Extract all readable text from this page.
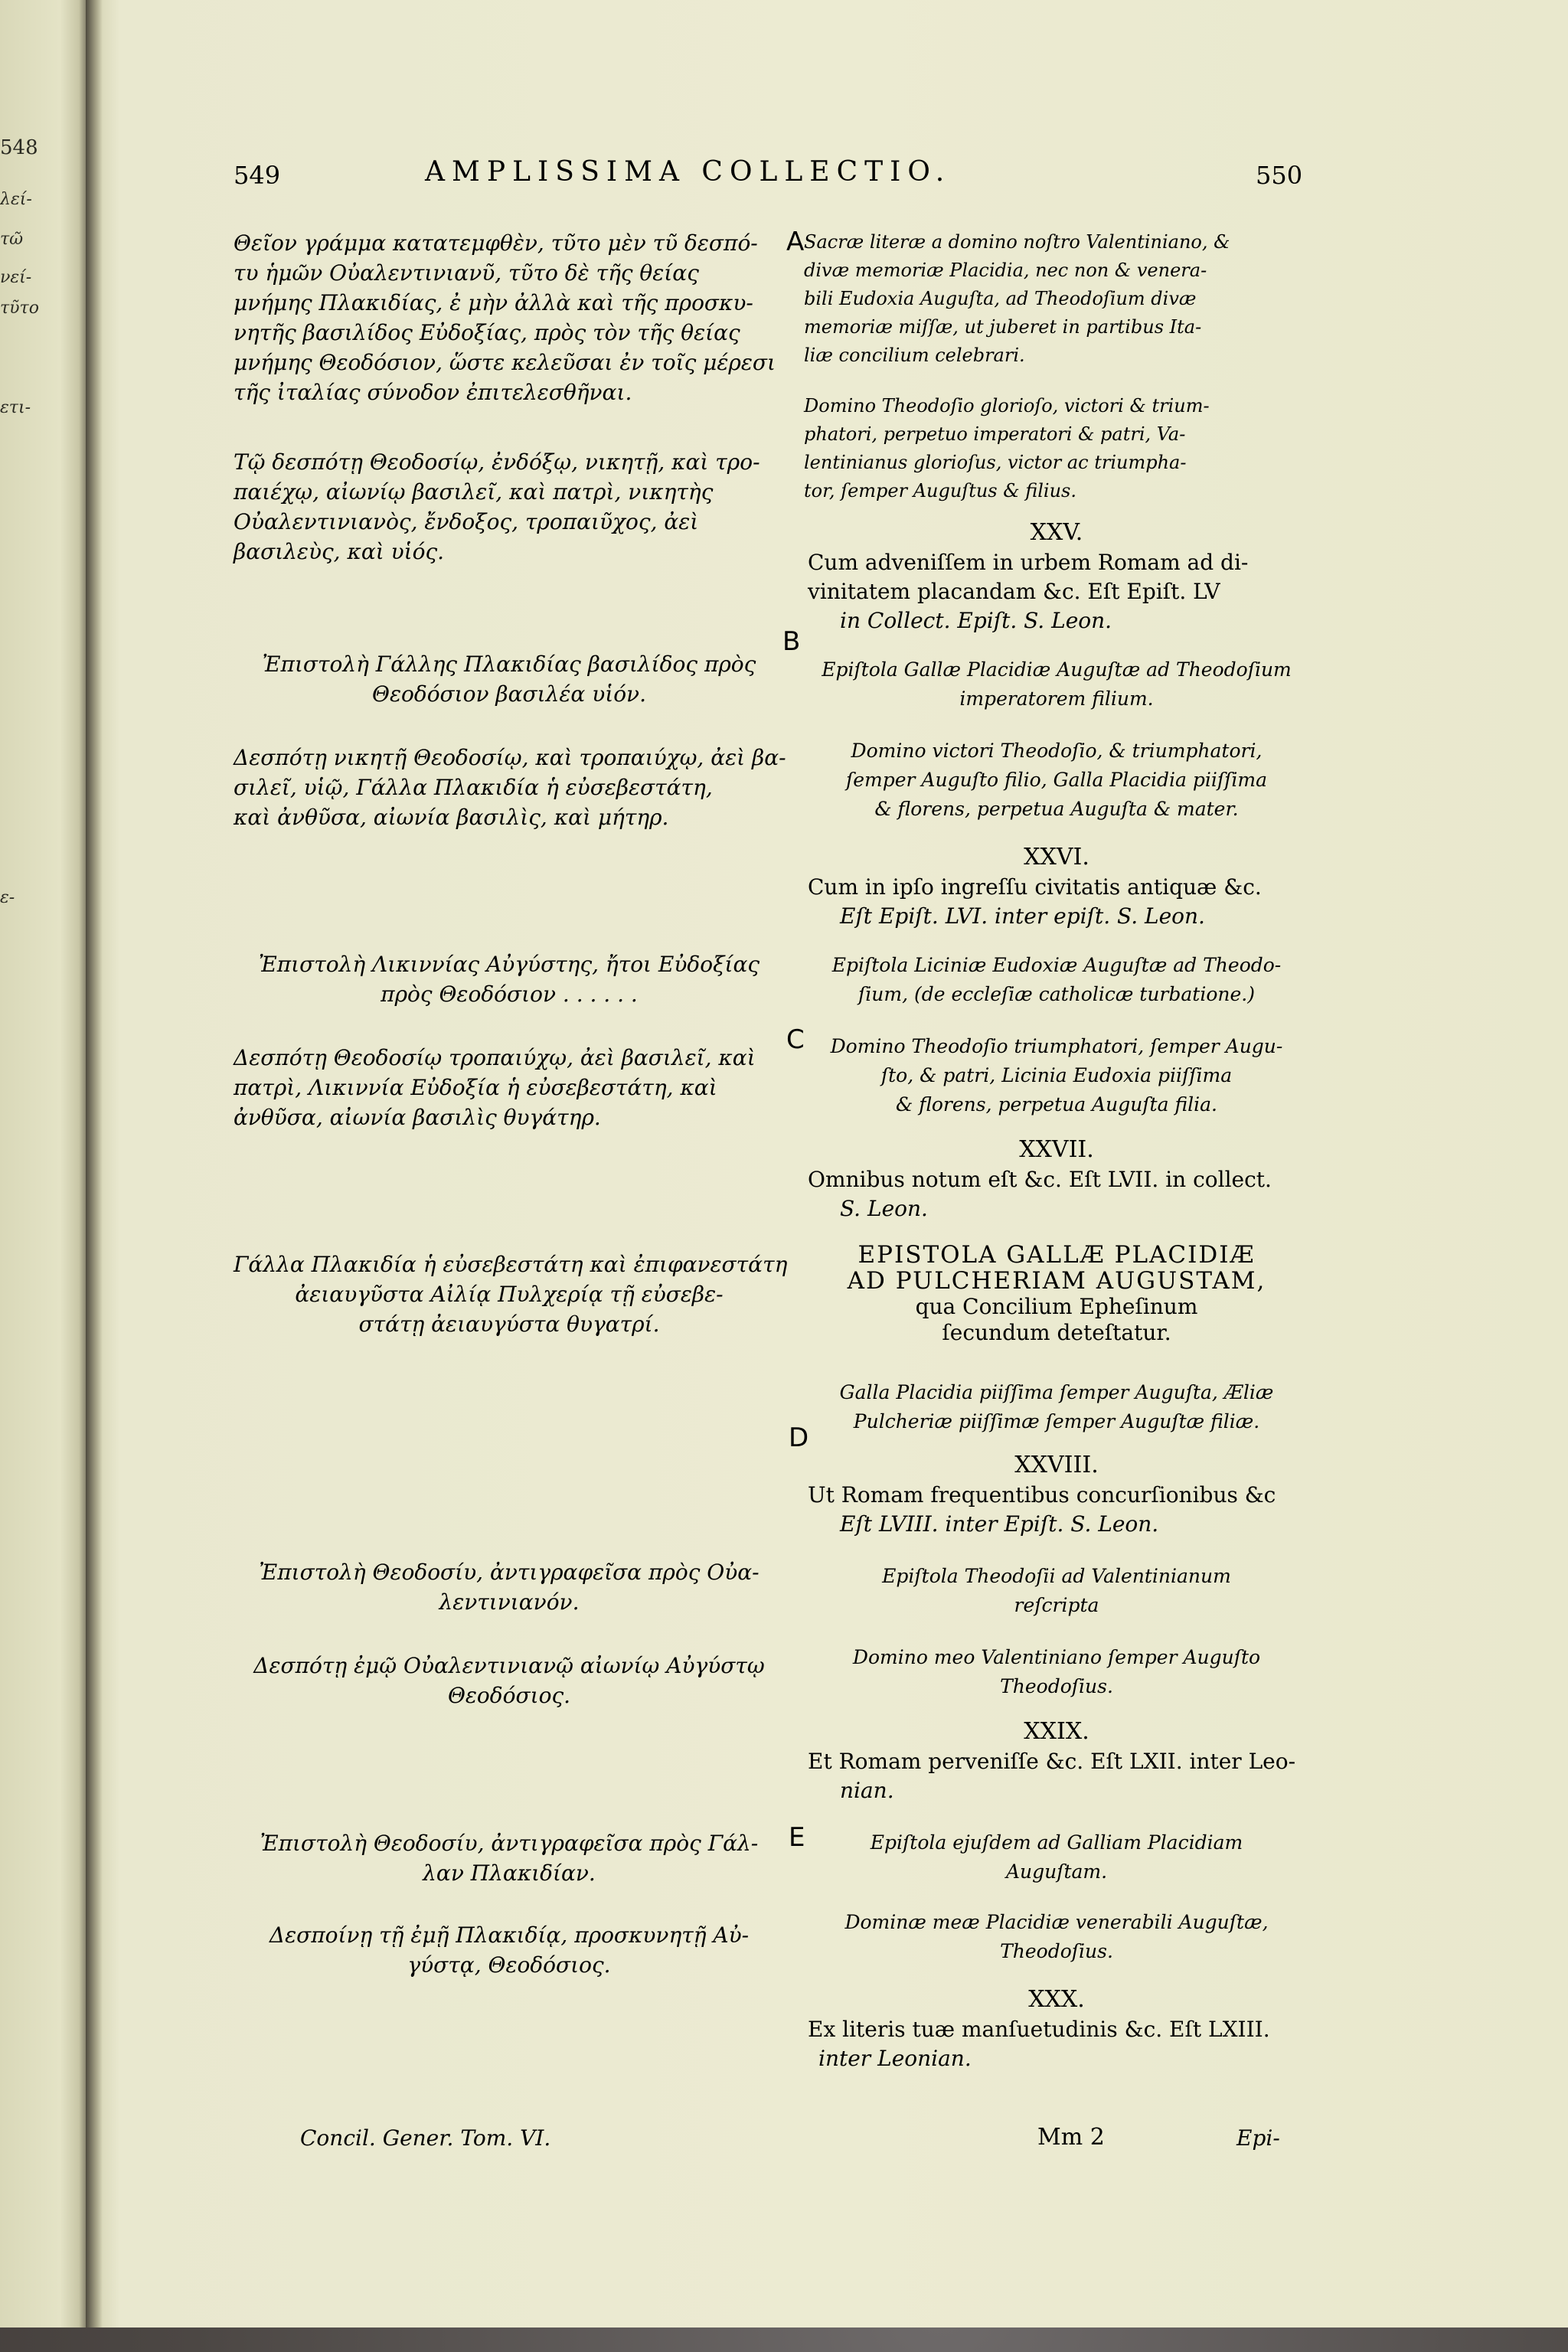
548
λεί-
τῶ
νεί-
τῦτο
ετι-
ε-
549	AMPLISSIMA COLLECTIO.	550
A
B
C
D
E
Θεῖον γράμμα κατατεμφθὲν, τῦτο μὲν τῦ δεσπό-
τυ ἡμῶν Οὐαλεντινιανῦ, τῦτο δὲ τῆς θείας
μνήμης Πλακιδίας, ἐ μὴν ἀλλὰ καὶ τῆς προσκυ-
νητῆς βασιλίδος Εὐδοξίας, πρὸς τὸν τῆς θείας
μνήμης Θεοδόσιον, ὥστε κελεῦσαι ἐν τοῖς μέρεσι
τῆς ἰταλίας σύνοδον ἐπιτελεσθῆναι.
Τῷ δεσπότῃ Θεοδοσίῳ, ἐνδόξῳ, νικητῇ, καὶ τρο-
παιέχῳ, αἰωνίῳ βασιλεῖ, καὶ πατρὶ, νικητὴς
Οὐαλεντινιανὸς, ἔνδοξος, τροπαιῦχος, ἀεὶ
βασιλεὺς, καὶ υἱός.
Ἐπιστολὴ Γάλλης Πλακιδίας βασιλίδος πρὸς
Θεοδόσιον βασιλέα υἱόν.
Δεσπότῃ νικητῇ Θεοδοσίῳ, καὶ τροπαιύχῳ, ἀεὶ βα-
σιλεῖ, υἱῷ, Γάλλα Πλακιδία ἡ εὐσεβεστάτη,
καὶ ἀνθῦσα, αἰωνία βασιλὶς, καὶ μήτηρ.
Ἐπιστολὴ Λικιννίας Αὐγύστης, ἤτοι Εὐδοξίας
πρὸς Θεοδόσιον . . . . . .
Δεσπότῃ Θεοδοσίῳ τροπαιύχῳ, ἀεὶ βασιλεῖ, καὶ
πατρὶ, Λικιννία Εὐδοξία ἡ εὐσεβεστάτη, καὶ
ἀνθῦσα, αἰωνία βασιλὶς θυγάτηρ.
Γάλλα Πλακιδία ἡ εὐσεβεστάτη καὶ ἐπιφανεστάτη
ἀειαυγῦστα Αἰλίᾳ Πυλχερίᾳ τῇ εὐσεβε-
στάτῃ ἀειαυγύστα θυγατρί.
Ἐπιστολὴ Θεοδοσίυ, ἀντιγραφεῖσα πρὸς Οὐα-
λεντινιανόν.
Δεσπότῃ ἐμῷ Οὐαλεντινιανῷ αἰωνίῳ Αὐγύστῳ
Θεοδόσιος.
Ἐπιστολὴ Θεοδοσίυ, ἀντιγραφεῖσα πρὸς Γάλ-
λαν Πλακιδίαν.
Δεσποίνῃ τῇ ἐμῇ Πλακιδίᾳ, προσκυνητῇ Αὐ-
γύστᾳ, Θεοδόσιος.
Sacræ literæ a domino noſtro Valentiniano, &
divæ memoriæ Placidia, nec non & venera-
bili Eudoxia Auguſta, ad Theodoſium divæ
memoriæ miſſæ, ut juberet in partibus Ita-
liæ concilium celebrari.
Domino Theodoſio glorioſo, victori & trium-
phatori, perpetuo imperatori & patri, Va-
lentinianus glorioſus, victor ac triumpha-
tor, ſemper Auguſtus & filius.
XXV.
Cum adveniſſem in urbem Romam ad di-
vinitatem placandam &c. Eſt Epiſt. LV
in Collect. Epiſt. S. Leon.
Epiſtola Gallæ Placidiæ Auguſtæ ad Theodoſium
imperatorem filium.
Domino victori Theodoſio, & triumphatori,
ſemper Auguſto filio, Galla Placidia piiſſima
& florens, perpetua Auguſta & mater.
XXVI.
Cum in ipſo ingreſſu civitatis antiquæ &c.
Eſt Epiſt. LVI. inter epiſt. S. Leon.
Epiſtola Liciniæ Eudoxiæ Auguſtæ ad Theodo-
ſium, (de eccleſiæ catholicæ turbatione.)
Domino Theodoſio triumphatori, ſemper Augu-
ſto, & patri, Licinia Eudoxia piiſſima
& florens, perpetua Auguſta filia.
XXVII.
Omnibus notum eſt &c. Eſt LVII. in collect.
S. Leon.
EPISTOLA GALLÆ PLACIDIÆ
AD PULCHERIAM AUGUSTAM,
qua Concilium Epheſinum
ſecundum deteſtatur.
Galla Placidia piiſſima ſemper Auguſta, Æliæ
Pulcheriæ piiſſimæ ſemper Auguſtæ filiæ.
XXVIII.
Ut Romam frequentibus concurſionibus &c
Eſt LVIII. inter Epiſt. S. Leon.
Epiſtola Theodoſii ad Valentinianum
reſcripta
Domino meo Valentiniano ſemper Auguſto
Theodoſius.
XXIX.
Et Romam perveniſſe &c. Eſt LXII. inter Leo-
nian.
Epiſtola ejuſdem ad Galliam Placidiam
Auguſtam.
Dominæ meæ Placidiæ venerabili Auguſtæ,
Theodoſius.
XXX.
Ex literis tuæ manſuetudinis &c. Eſt LXIII.
inter Leonian.
Concil. Gener. Tom. VI.	Mm 2	Epi-
